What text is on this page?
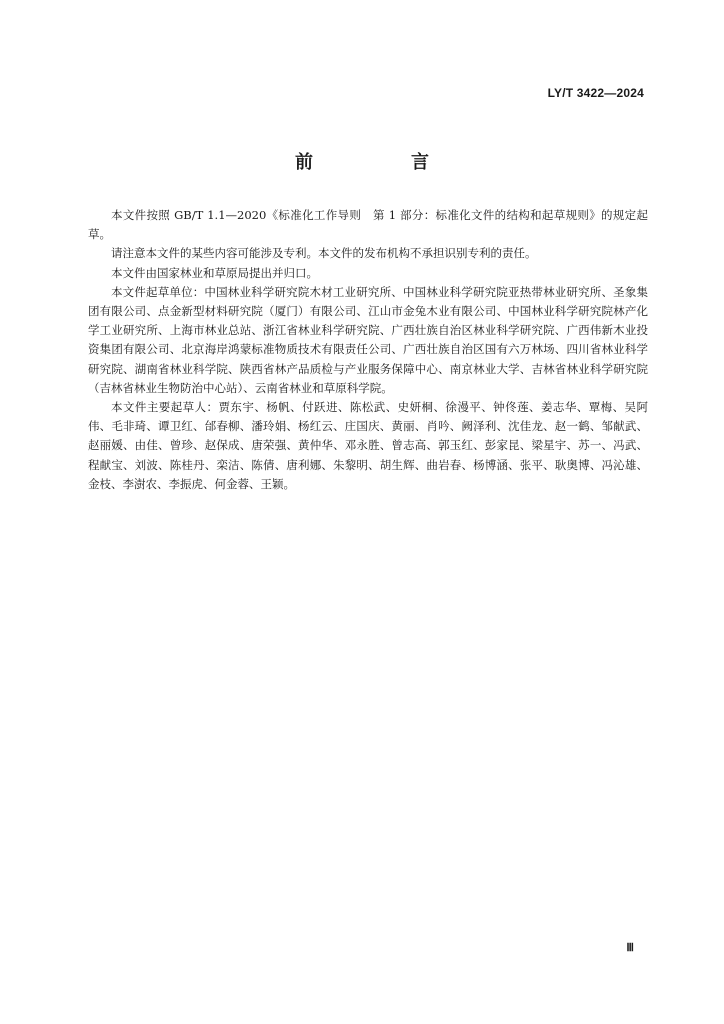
LY/T 3422—2024
前　言

本文件按照 GB/T 1.1—2020《标准化工作导则　第 1 部分：标准化文件的结构和起草规则》的规定起草。

请注意本文件的某些内容可能涉及专利。本文件的发布机构不承担识别专利的责任。

本文件由国家林业和草原局提出并归口。

本文件起草单位：中国林业科学研究院木材工业研究所、中国林业科学研究院亚热带林业研究所、圣象集团有限公司、点金新型材料研究院（厦门）有限公司、江山市金兔木业有限公司、中国林业科学研究院林产化学工业研究所、上海市林业总站、浙江省林业科学研究院、广西壮族自治区林业科学研究院、广西伟新木业投资集团有限公司、北京海岸鸿蒙标准物质技术有限责任公司、广西壮族自治区国有六万林场、四川省林业科学研究院、湖南省林业科学院、陕西省林产品质检与产业服务保障中心、南京林业大学、吉林省林业科学研究院（吉林省林业生物防治中心站）、云南省林业和草原科学院。

本文件主要起草人：贾东宇、杨帆、付跃进、陈松武、史妍桐、徐漫平、钟佟莲、姜志华、覃梅、吴阿伟、毛非琦、谭卫红、邰春柳、潘玲娟、杨红云、庄国庆、黄丽、肖吟、阙泽利、沈佳龙、赵一鹤、邹献武、赵丽媛、由佳、曾珍、赵保成、唐荣强、黄仲华、邓永胜、曾志高、郭玉红、彭家昆、梁星宇、苏一、冯武、程献宝、刘波、陈桂丹、栾洁、陈倩、唐利娜、朱黎明、胡生辉、曲岩春、杨博涵、张平、耿奥博、冯沁雄、金枝、李澍农、李振虎、何金蓉、王颖。

Ⅲ
